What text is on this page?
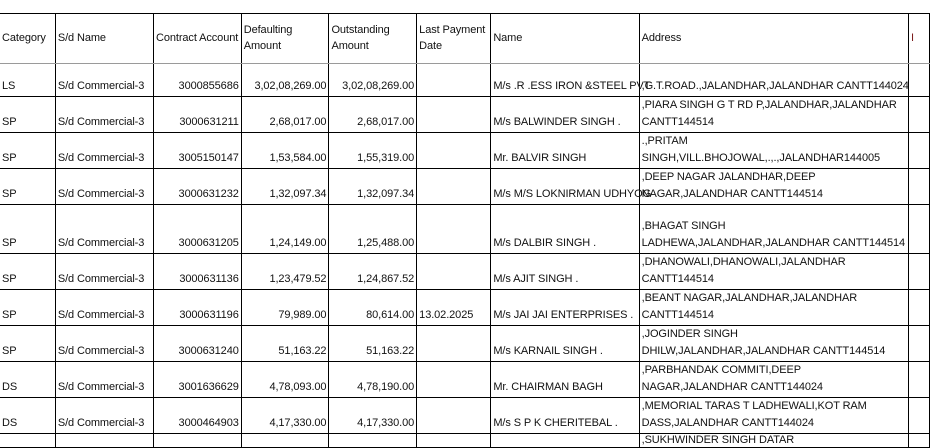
Category	S/d Name	Contract Account	Defaulting Amount	Outstanding Amount	Last Payment Date	Name	Address	I
LS	S/d Commercial-3	3000855686	3,02,08,269.00	3,02,08,269.00		M/s .R .ESS IRON &STEEL PVT	,G.T.ROAD.,JALANDHAR,JALANDHAR CANTT144024	
SP	S/d Commercial-3	3000631211	2,68,017.00	2,68,017.00		M/s BALWINDER SINGH .	,PIARA SINGH G T RD P,JALANDHAR,JALANDHAR CANTT144514	
SP	S/d Commercial-3	3005150147	1,53,584.00	1,55,319.00		Mr. BALVIR SINGH	.,PRITAM SINGH,VILL.BHOJOWAL,.,.,JALANDHAR144005	
SP	S/d Commercial-3	3000631232	1,32,097.34	1,32,097.34		M/s M/S LOKNIRMAN UDHYOG	,DEEP NAGAR JALANDHAR,DEEP NAGAR,JALANDHAR CANTT144514	
SP	S/d Commercial-3	3000631205	1,24,149.00	1,25,488.00		M/s DALBIR SINGH .	,BHAGAT SINGH LADHEWA,JALANDHAR,JALANDHAR CANTT144514	
SP	S/d Commercial-3	3000631136	1,23,479.52	1,24,867.52		M/s AJIT SINGH .	,DHANOWALI,DHANOWALI,JALANDHAR CANTT144514	
SP	S/d Commercial-3	3000631196	79,989.00	80,614.00	13.02.2025	M/s JAI JAI ENTERPRISES .	,BEANT NAGAR,JALANDHAR,JALANDHAR CANTT144514	
SP	S/d Commercial-3	3000631240	51,163.22	51,163.22		M/s KARNAIL SINGH .	,JOGINDER SINGH DHILW,JALANDHAR,JALANDHAR CANTT144514	
DS	S/d Commercial-3	3001636629	4,78,093.00	4,78,190.00		Mr. CHAIRMAN BAGH	,PARBHANDAK COMMITI,DEEP NAGAR,JALANDHAR CANTT144024	
DS	S/d Commercial-3	3000464903	4,17,330.00	4,17,330.00		M/s S P K CHERITEBAL .	,MEMORIAL TARAS T LADHEWALI,KOT RAM DASS,JALANDHAR CANTT144024	
							,SUKHWINDER SINGH DATAR	
